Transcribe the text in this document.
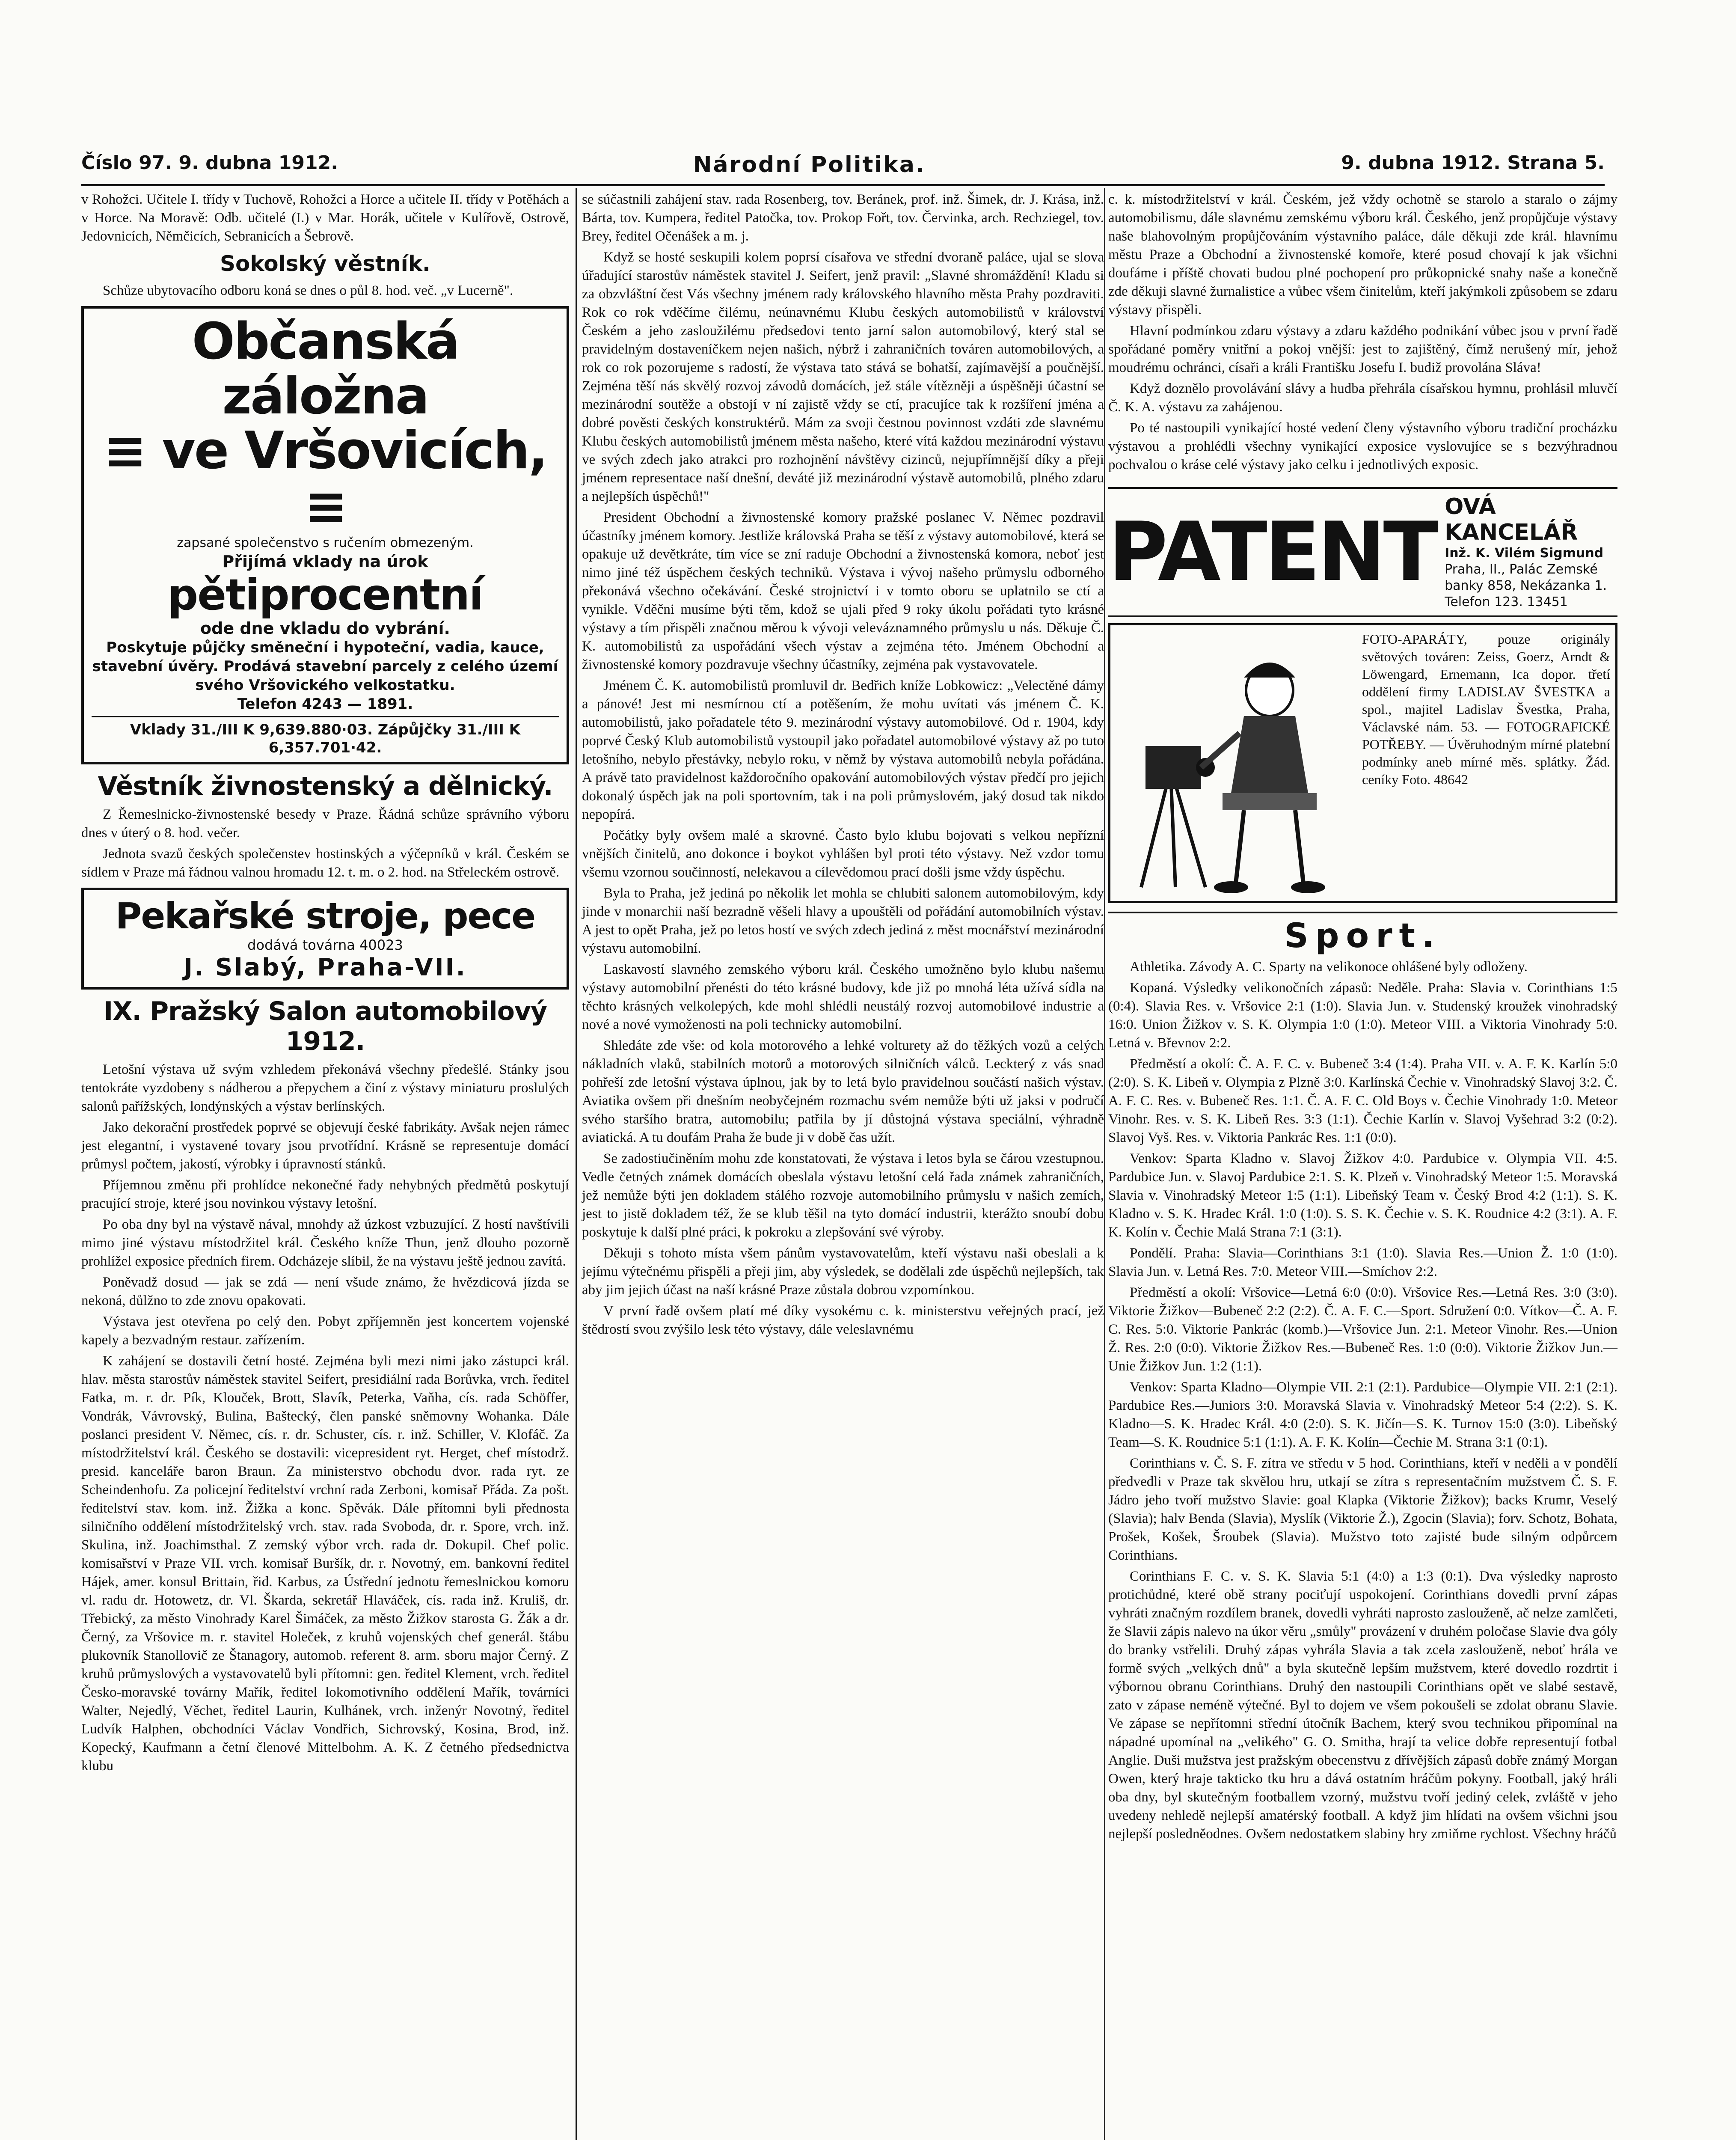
Číslo 97. 9. dubna 1912.	Národní Politika.	9. dubna 1912. Strana 5.

v Rohožci. Učitele I. třídy v Tuchově, Rohožci a Horce a učitele II. třídy v Potěhách a v Horce. Na Moravě: Odb. učitelé (I.) v Mar. Horák, učitele v Kulířově, Ostrově, Jedovnicích, Němčicích, Sebranicích a Šebrově.

Sokolský věstník.

Schůze ubytovacího odboru koná se dnes o půl 8. hod. več. „v Lucerně".

Občanská záložna
≡ ve Vršovicích, ≡
zapsané společenstvo s ručením obmezeným.
Přijímá vklady na úrok
pětiprocentní
ode dne vkladu do vybrání.
Poskytuje půjčky směneční i hypoteční, vadia, kauce, stavební úvěry. Prodává stavební parcely z celého území svého Vršovického velkostatku.
Telefon 4243 — 1891.
Vklady 31./III K 9,639.880·03. Zápůjčky 31./III K 6,357.701·42.
Věstník živnostenský a dělnický.

Z Řemeslnicko-živnostenské besedy v Praze. Řádná schůze správního výboru dnes v úterý o 8. hod. večer.

Jednota svazů českých společenstev hostinských a výčepníků v král. Českém se sídlem v Praze má řádnou valnou hromadu 12. t. m. o 2. hod. na Střeleckém ostrově.

Pekařské stroje, pece
dodává továrna 40023
J. Slabý, Praha-VII.
IX. Pražský Salon automobilový 1912.

Letošní výstava už svým vzhledem překonává všechny předešlé. Stánky jsou tentokráte vyzdobeny s nádherou a přepychem a činí z výstavy miniaturu proslulých salonů pařížských, londýnských a výstav berlínských.

Jako dekorační prostředek poprvé se objevují české fabrikáty. Avšak nejen rámec jest elegantní, i vystavené tovary jsou prvotřídní. Krásně se representuje domácí průmysl počtem, jakostí, výrobky i úpravností stánků.

Příjemnou změnu při prohlídce nekonečné řady nehybných předmětů poskytují pracující stroje, které jsou novinkou výstavy letošní.

Po oba dny byl na výstavě nával, mnohdy až úzkost vzbuzující. Z hostí navštívili mimo jiné výstavu místodržitel král. Českého kníže Thun, jenž dlouho pozorně prohlížel exposice předních firem. Odcházeje slíbil, že na výstavu ještě jednou zavítá.

Poněvadž dosud — jak se zdá — není všude známo, že hvězdicová jízda se nekoná, důlžno to zde znovu opakovati.

Výstava jest otevřena po celý den. Pobyt zpříjemněn jest koncertem vojenské kapely a bezvadným restaur. zařízením.

K zahájení se dostavili četní hosté. Zejména byli mezi nimi jako zástupci král. hlav. města starostův náměstek stavitel Seifert, presidiální rada Borůvka, vrch. ředitel Fatka, m. r. dr. Pík, Klouček, Brott, Slavík, Peterka, Vaňha, cís. rada Schöffer, Vondrák, Vávrovský, Bulina, Baštecký, člen panské sněmovny Wohanka. Dále poslanci president V. Němec, cís. r. dr. Schuster, cís. r. inž. Schiller, V. Klofáč. Za místodržitelství král. Českého se dostavili: vicepresident ryt. Herget, chef místodrž. presid. kanceláře baron Braun. Za ministerstvo obchodu dvor. rada ryt. ze Scheindenhofu. Za policejní ředitelství vrchní rada Zerboni, komisař Přáda. Za pošt. ředitelství stav. kom. inž. Žižka a konc. Spěvák. Dále přítomni byli přednosta silničního oddělení místodržitelský vrch. stav. rada Svoboda, dr. r. Spore, vrch. inž. Skulina, inž. Joachimsthal. Z zemský výbor vrch. rada dr. Dokupil. Chef polic. komisařství v Praze VII. vrch. komisař Buršík, dr. r. Novotný, em. bankovní ředitel Hájek, amer. konsul Brittain, řid. Karbus, za Ústřední jednotu řemeslnickou komoru vl. radu dr. Hotowetz, dr. Vl. Škarda, sekretář Hlaváček, cís. rada inž. Kruliš, dr. Třebický, za město Vinohrady Karel Šimáček, za město Žižkov starosta G. Žák a dr. Černý, za Vršovice m. r. stavitel Holeček, z kruhů vojenských chef generál. štábu plukovník Stanollovič ze Štanagory, automob. referent 8. arm. sboru major Černý. Z kruhů průmyslových a vystavovatelů byli přítomni: gen. ředitel Klement, vrch. ředitel Česko-moravské továrny Mařík, ředitel lokomotivního oddělení Mařík, továrníci Walter, Nejedlý, Věchet, ředitel Laurin, Kulhánek, vrch. inženýr Novotný, ředitel Ludvík Halphen, obchodníci Václav Vondřich, Sichrovský, Kosina, Brod, inž. Kopecký, Kaufmann a četní členové Mittelbohm. A. K. Z četného předsednictva klubu

se súčastnili zahájení stav. rada Rosenberg, tov. Beránek, prof. inž. Šimek, dr. J. Krása, inž. Bárta, tov. Kumpera, ředitel Patočka, tov. Prokop Fořt, tov. Červinka, arch. Rechziegel, tov. Brey, ředitel Očenášek a m. j.

Když se hosté seskupili kolem poprsí císařova ve střední dvoraně paláce, ujal se slova úřadující starostův náměstek stavitel J. Seifert, jenž pravil: „Slavné shromáždění! Kladu si za obzvláštní čest Vás všechny jménem rady královského hlavního města Prahy pozdraviti. Rok co rok vděčíme čilému, neúnavnému Klubu českých automobilistů v království Českém a jeho zasloužilému předsedovi tento jarní salon automobilový, který stal se pravidelným dostaveníčkem nejen našich, nýbrž i zahraničních továren automobilových, a rok co rok pozorujeme s radostí, že výstava tato stává se bohatší, zajímavější a poučnější. Zejména těší nás skvělý rozvoj závodů domácích, jež stále vítězněji a úspěšněji účastní se mezinárodní soutěže a obstojí v ní zajistě vždy se ctí, pracujíce tak k rozšíření jména a dobré pověsti českých konstruktérů. Mám za svoji čestnou povinnost vzdáti zde slavnému Klubu českých automobilistů jménem města našeho, které vítá každou mezinárodní výstavu ve svých zdech jako atrakci pro rozhojnění návštěvy cizinců, nejupřímnější díky a přeji jménem representace naší dnešní, deváté již mezinárodní výstavě automobilů, plného zdaru a nejlepších úspěchů!"

President Obchodní a živnostenské komory pražské poslanec V. Němec pozdravil účastníky jménem komory. Jestliže královská Praha se těší z výstavy automobilové, která se opakuje už devětkráte, tím více se zní raduje Obchodní a živnostenská komora, neboť jest nimo jiné též úspěchem českých techniků. Výstava i vývoj našeho průmyslu odborného překonává všechno očekávání. České strojnictví i v tomto oboru se uplatnilo se ctí a vynikle. Vděčni musíme býti těm, kdož se ujali před 9 roky úkolu pořádati tyto krásné výstavy a tím přispěli značnou měrou k vývoji veleváznamného průmyslu u nás. Děkuje Č. K. automobilistů za uspořádání všech výstav a zejména této. Jménem Obchodní a živnostenské komory pozdravuje všechny účastníky, zejména pak vystavovatele.

Jménem Č. K. automobilistů promluvil dr. Bedřich kníže Lobkowicz: „Velectěné dámy a pánové! Jest mi nesmírnou ctí a potěšením, že mohu uvítati vás jménem Č. K. automobilistů, jako pořadatele této 9. mezinárodní výstavy automobilové. Od r. 1904, kdy poprvé Český Klub automobilistů vystoupil jako pořadatel automobilové výstavy až po tuto letošního, nebylo přestávky, nebylo roku, v němž by výstava automobilů nebyla pořádána. A právě tato pravidelnost každoročního opakování automobilových výstav předčí pro jejich dokonalý úspěch jak na poli sportovním, tak i na poli průmyslovém, jaký dosud tak nikdo nepopírá.

Počátky byly ovšem malé a skrovné. Často bylo klubu bojovati s velkou nepřízní vnějších činitelů, ano dokonce i boykot vyhlášen byl proti této výstavy. Než vzdor tomu všemu vzornou součinností, nelekavou a cílevědomou prací došli jsme vždy úspěchu.

Byla to Praha, jež jediná po několik let mohla se chlubiti salonem automobilovým, kdy jinde v monarchii naší bezradně věšeli hlavy a upouštěli od pořádání automobilních výstav. A jest to opět Praha, jež po letos hostí ve svých zdech jediná z měst mocnářství mezinárodní výstavu automobilní.

Laskavostí slavného zemského výboru král. Českého umožněno bylo klubu našemu výstavy automobilní přenésti do této krásné budovy, kde již po mnohá léta užívá sídla na těchto krásných velkolepých, kde mohl shlédli neustálý rozvoj automobilové industrie a nové a nové vymoženosti na poli technicky automobilní.

Shledáte zde vše: od kola motorového a lehké volturety až do těžkých vozů a celých nákladních vlaků, stabilních motorů a motorových silničních válců. Leckterý z vás snad pohřeší zde letošní výstava úplnou, jak by to letá bylo pravidelnou součástí našich výstav. Aviatika ovšem při dnešním neobyčejném rozmachu svém nemůže býti už jaksi v područí svého staršího bratra, automobilu; patřila by jí důstojná výstava speciální, výhradně aviatická. A tu doufám Praha že bude ji v době čas užít.

Se zadostiučiněním mohu zde konstatovati, že výstava i letos byla se čárou vzestupnou. Vedle četných známek domácích obeslala výstavu letošní celá řada známek zahraničních, jež nemůže býti jen dokladem stálého rozvoje automobilního průmyslu v našich zemích, jest to jistě dokladem též, že se klub těšil na tyto domácí industrii, kterážto snoubí dobu poskytuje k další plné práci, k pokroku a zlepšování své výroby.

Děkuji s tohoto místa všem pánům vystavovatelům, kteří výstavu naši obeslali a k jejímu výtečnému přispěli a přeji jim, aby výsledek, se dodělali zde úspěchů nejlepších, tak aby jim jejich účast na naší krásné Praze zůstala dobrou vzpomínkou.

V první řadě ovšem platí mé díky vysokému c. k. ministerstvu veřejných prací, jež štědrostí svou zvýšilo lesk této výstavy, dále veleslavnému

c. k. místodržitelství v král. Českém, jež vždy ochotně se starolo a staralo o zájmy automobilismu, dále slavnému zemskému výboru král. Českého, jenž propůjčuje výstavy naše blahovolným propůjčováním výstavního paláce, dále děkuji zde král. hlavnímu městu Praze a Obchodní a živnostenské komoře, které posud chovají k jak všichni doufáme i příště chovati budou plné pochopení pro průkopnické snahy naše a konečně zde děkuji slavné žurnalistice a vůbec všem činitelům, kteří jakýmkoli způsobem se zdaru výstavy přispěli.

Hlavní podmínkou zdaru výstavy a zdaru každého podnikání vůbec jsou v první řadě spořádané poměry vnitřní a pokoj vnější: jest to zajištěný, čímž nerušený mír, jehož moudrému ochránci, císaři a králi Františku Josefu I. budiž provolána Sláva!

Když doznělo provolávání slávy a hudba přehrála císařskou hymnu, prohlásil mluvčí Č. K. A. výstavu za zahájenou.

Po té nastoupili vynikající hosté vedení členy výstavního výboru tradiční procházku výstavou a prohlédli všechny vynikající exposice vyslovujíce se s bezvýhradnou pochvalou o kráse celé výstavy jako celku i jednotlivých exposic.

PATENT OVÁ KANCELÁŘ
Inž. K. Vilém Sigmund
Praha, II., Palác Zemské
banky 858, Nekázanka 1.
Telefon 123. 13451
FOTO-APARÁTY, pouze originály světových továren: Zeiss, Goerz, Arndt & Löwengard, Ernemann, Ica dopor. třetí oddělení firmy LADISLAV ŠVESTKA a spol., majitel Ladislav Švestka, Praha, Václavské nám. 53. — FOTOGRAFICKÉ POTŘEBY. — Úvěruhodným mírné platební podmínky aneb mírné měs. splátky. Žád. ceníky Foto. 48642
Sport.

Athletika. Závody A. C. Sparty na velikonoce ohlášené byly odloženy.

Kopaná. Výsledky velikonočních zápasů: Neděle. Praha: Slavia v. Corinthians 1:5 (0:4). Slavia Res. v. Vršovice 2:1 (1:0). Slavia Jun. v. Studenský kroužek vinohradský 16:0. Union Žižkov v. S. K. Olympia 1:0 (1:0). Meteor VIII. a Viktoria Vinohrady 5:0. Letná v. Břevnov 2:2.

Předměstí a okolí: Č. A. F. C. v. Bubeneč 3:4 (1:4). Praha VII. v. A. F. K. Karlín 5:0 (2:0). S. K. Libeň v. Olympia z Plzně 3:0. Karlínská Čechie v. Vinohradský Slavoj 3:2. Č. A. F. C. Res. v. Bubeneč Res. 1:1. Č. A. F. C. Old Boys v. Čechie Vinohrady 1:0. Meteor Vinohr. Res. v. S. K. Libeň Res. 3:3 (1:1). Čechie Karlín v. Slavoj Vyšehrad 3:2 (0:2). Slavoj Vyš. Res. v. Viktoria Pankrác Res. 1:1 (0:0).

Venkov: Sparta Kladno v. Slavoj Žižkov 4:0. Pardubice v. Olympia VII. 4:5. Pardubice Jun. v. Slavoj Pardubice 2:1. S. K. Plzeň v. Vinohradský Meteor 1:5. Moravská Slavia v. Vinohradský Meteor 1:5 (1:1). Libeňský Team v. Český Brod 4:2 (1:1). S. K. Kladno v. S. K. Hradec Král. 1:0 (1:0). S. S. K. Čechie v. S. K. Roudnice 4:2 (3:1). A. F. K. Kolín v. Čechie Malá Strana 7:1 (3:1).

Pondělí. Praha: Slavia—Corinthians 3:1 (1:0). Slavia Res.—Union Ž. 1:0 (1:0). Slavia Jun. v. Letná Res. 7:0. Meteor VIII.—Smíchov 2:2.

Předměstí a okolí: Vršovice—Letná 6:0 (0:0). Vršovice Res.—Letná Res. 3:0 (3:0). Viktorie Žižkov—Bubeneč 2:2 (2:2). Č. A. F. C.—Sport. Sdružení 0:0. Vítkov—Č. A. F. C. Res. 5:0. Viktorie Pankrác (komb.)—Vršovice Jun. 2:1. Meteor Vinohr. Res.—Union Ž. Res. 2:0 (0:0). Viktorie Žižkov Res.—Bubeneč Res. 1:0 (0:0). Viktorie Žižkov Jun.—Unie Žižkov Jun. 1:2 (1:1).

Venkov: Sparta Kladno—Olympie VII. 2:1 (2:1). Pardubice—Olympie VII. 2:1 (2:1). Pardubice Res.—Juniors 3:0. Moravská Slavia v. Vinohradský Meteor 5:4 (2:2). S. K. Kladno—S. K. Hradec Král. 4:0 (2:0). S. K. Jičín—S. K. Turnov 15:0 (3:0). Libeňský Team—S. K. Roudnice 5:1 (1:1). A. F. K. Kolín—Čechie M. Strana 3:1 (0:1).

Corinthians v. Č. S. F. zítra ve středu v 5 hod. Corinthians, kteří v neděli a v pondělí předvedli v Praze tak skvělou hru, utkají se zítra s representačním mužstvem Č. S. F. Jádro jeho tvoří mužstvo Slavie: goal Klapka (Viktorie Žižkov); backs Krumr, Veselý (Slavia); halv Benda (Slavia), Myslík (Viktorie Ž.), Zgocin (Slavia); forv. Schotz, Bohata, Prošek, Košek, Šroubek (Slavia). Mužstvo toto zajisté bude silným odpůrcem Corinthians.

Corinthians F. C. v. S. K. Slavia 5:1 (4:0) a 1:3 (0:1). Dva výsledky naprosto protichůdné, které obě strany pociťují uspokojení. Corinthians dovedli první zápas vyhráti značným rozdílem branek, dovedli vyhráti naprosto zaslouženě, ač nelze zamlčeti, že Slavii zápis nalevo na úkor věru „smůly" provázení v druhém poločase Slavie dva góly do branky vstřelili. Druhý zápas vyhrála Slavia a tak zcela zaslouženě, neboť hrála ve formě svých „velkých dnů" a byla skutečně lepším mužstvem, které dovedlo rozdrtit i výbornou obranu Corinthians. Druhý den nastoupili Corinthians opět ve slabé sestavě, zato v zápase neméně výtečné. Byl to dojem ve všem pokoušeli se zdolat obranu Slavie. Ve zápase se nepřítomni střední útočník Bachem, který svou technikou připomínal na nápadné upomínal na „velikého" G. O. Smitha, hrají ta velice dobře representují fotbal Anglie. Duši mužstva jest pražským obecenstvu z dřívějších zápasů dobře známý Morgan Owen, který hraje takticko tku hru a dává ostatním hráčům pokyny. Football, jaký hráli oba dny, byl skutečným footballem vzorný, mužstvu tvoří jediný celek, zvláště v jeho uvedeny nehledě nejlepší amatérský football. A když jim hlídati na ovšem všichni jsou nejlepší posledněodnes. Ovšem nedostatkem slabiny hry zmiňme rychlost. Všechny hráčů
